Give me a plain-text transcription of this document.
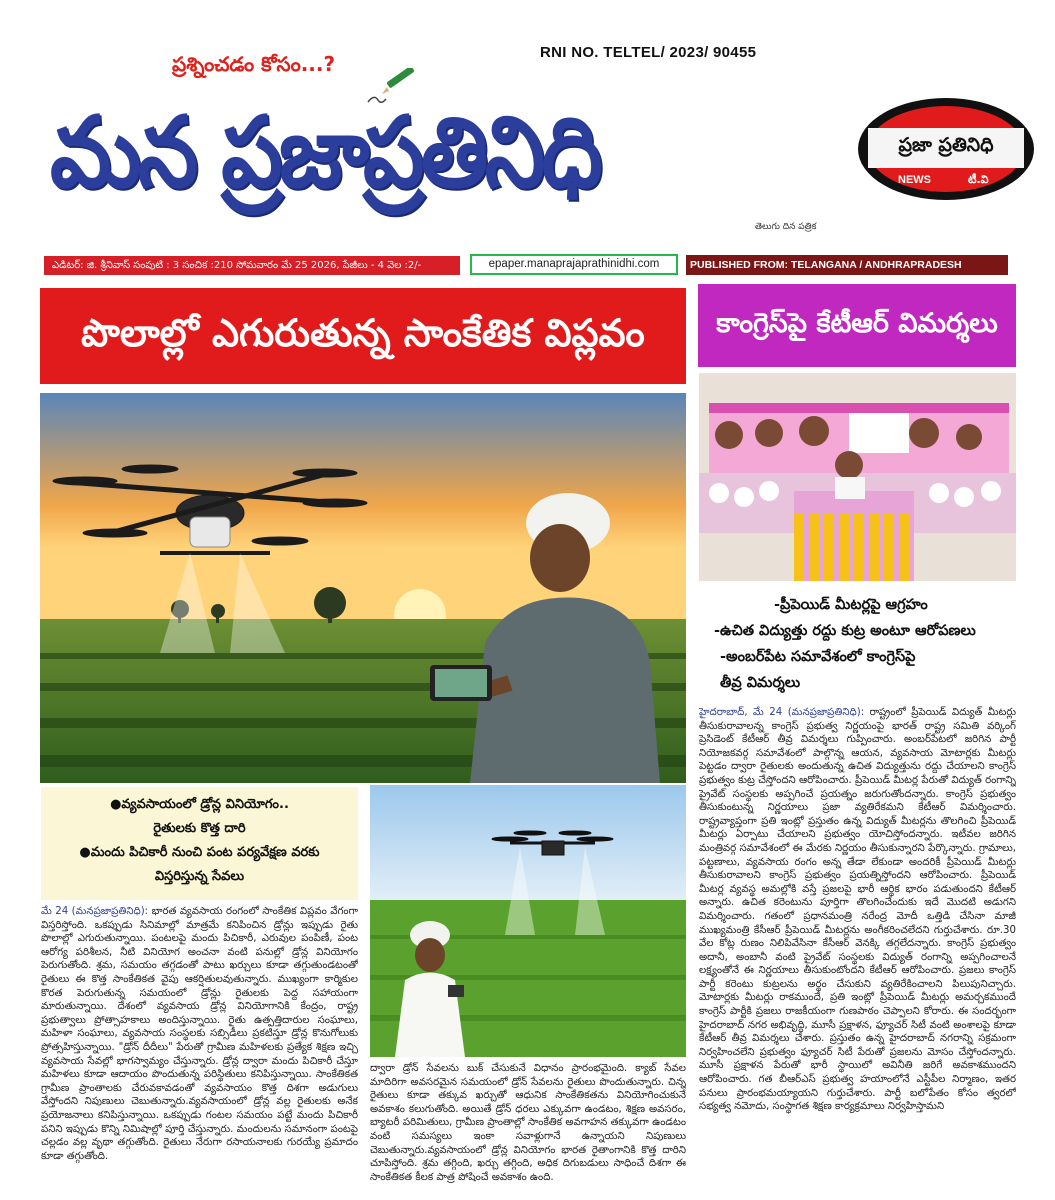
ప్రశ్నించడం కోసం...?	RNI NO. TELTEL/ 2023/ 90455
మన ప్రజాప్రతినిధి
తెలుగు దిన పత్రిక
ప్రజా ప్రతినిధి
NEWS	టీ.వి
ఎడిటర్: జి. శ్రీనివాస్ సంపుటి : 3 సంచిక :210 సోమవారం మే 25 2026, పేజీలు - 4 వెల :2/-	epaper.manaprajaprathinidhi.com	PUBLISHED FROM: TELANGANA / ANDHRAPRADESH
పొలాల్లో ఎగురుతున్న సాంకేతిక విప్లవం	కాంగ్రెస్‌పై కేటీఆర్ విమర్శలు
-ప్రీపెయిడ్ మీటర్లపై ఆగ్రహం
-ఉచిత విద్యుత్తు రద్దు కుట్ర అంటూ ఆరోపణలు
-అంబర్‌పేట సమావేశంలో కాంగ్రెస్‌పై
తీవ్ర విమర్శలు
●వ్యవసాయంలో డ్రోన్ల వినియోగం..
రైతులకు కొత్త దారి
●మందు పిచికారీ నుంచి పంట పర్యవేక్షణ వరకు
విస్తరిస్తున్న సేవలు
మే 24 (మనప్రజాప్రతినిధి): భారత వ్యవసాయ రంగంలో సాంకేతిక విప్లవం వేగంగా విస్తరిస్తోంది. ఒకప్పుడు సినిమాల్లో మాత్రమే కనిపించిన డ్రోన్లు ఇప్పుడు రైతు పొలాల్లో ఎగురుతున్నాయి. పంటలపై మందు పిచికారీ, ఎరువుల పంపిణీ, పంట ఆరోగ్య పరిశీలన, నీటి వినియోగ అంచనా వంటి పనుల్లో డ్రోన్ల వినియోగం పెరుగుతోంది. శ్రమ, సమయం తగ్గడంతో పాటు ఖర్చులు కూడా తగ్గుతుండటంతో రైతులు ఈ కొత్త సాంకేతికత వైపు ఆకర్షితులవుతున్నారు. ముఖ్యంగా కార్మికుల కొరత పెరుగుతున్న సమయంలో డ్రోన్లు రైతులకు పెద్ద సహాయంగా మారుతున్నాయి. దేశంలో వ్యవసాయ డ్రోన్ల వినియోగానికి కేంద్రం, రాష్ట్ర ప్రభుత్వాలు ప్రోత్సాహకాలు అందిస్తున్నాయి. రైతు ఉత్పత్తిదారుల సంఘాలు, మహిళా సంఘాలు, వ్యవసాయ సంస్థలకు సబ్సిడీలు ప్రకటిస్తూ డ్రోన్ల కొనుగోలుకు ప్రోత్సహిస్తున్నాయి. "డ్రోన్ దీదీలు" పేరుతో గ్రామీణ మహిళలకు ప్రత్యేక శిక్షణ ఇచ్చి వ్యవసాయ సేవల్లో భాగస్వామ్యం చేస్తున్నారు. డ్రోన్ల ద్వారా మందు పిచికారీ చేస్తూ మహిళలు కూడా ఆదాయం పొందుతున్న పరిస్థితులు కనిపిస్తున్నాయి. సాంకేతికత గ్రామీణ ప్రాంతాలకు చేరువకావడంతో వ్యవసాయం కొత్త దిశగా అడుగులు వేస్తోందని నిపుణులు చెబుతున్నారు.వ్యవసాయంలో డ్రోన్ల వల్ల రైతులకు అనేక ప్రయోజనాలు కనిపిస్తున్నాయి. ఒకప్పుడు గంటల సమయం పట్టే మందు పిచికారీ పనిని ఇప్పుడు కొన్ని నిమిషాల్లో పూర్తి చేస్తున్నారు. మందులను సమానంగా పంటపై చల్లడం వల్ల వృథా తగ్గుతోంది. రైతులు నేరుగా రసాయనాలకు గురయ్యే ప్రమాదం కూడా తగ్గుతోంది.
ద్వారా డ్రోన్ సేవలను బుక్ చేసుకునే విధానం ప్రారంభమైంది. క్యాబ్ సేవల మాదిరిగా అవసరమైన సమయంలో డ్రోన్ సేవలను రైతులు పొందుతున్నారు. చిన్న రైతులు కూడా తక్కువ ఖర్చుతో ఆధునిక సాంకేతికతను వినియోగించుకునే అవకాశం కలుగుతోంది. అయితే డ్రోన్ ధరలు ఎక్కువగా ఉండటం, శిక్షణ అవసరం, బ్యాటరీ పరిమితులు, గ్రామీణ ప్రాంతాల్లో సాంకేతిక అవగాహన తక్కువగా ఉండటం వంటి సమస్యలు ఇంకా సవాళ్లుగానే ఉన్నాయని నిపుణులు చెబుతున్నారు.వ్యవసాయంలో డ్రోన్ల వినియోగం భారత రైతాంగానికి కొత్త దారిని చూపిస్తోంది. శ్రమ తగ్గింది, ఖర్చు తగ్గింది, అధిక దిగుబడులు సాధించే దిశగా ఈ సాంకేతికత కీలక పాత్ర పోషించే అవకాశం ఉంది.
హైదరాబాద్, మే 24 (మనప్రజాప్రతినిధి): రాష్ట్రంలో ప్రీపెయిడ్ విద్యుత్ మీటర్లు తీసుకురావాలన్న కాంగ్రెస్ ప్రభుత్వ నిర్ణయంపై భారత్ రాష్ట్ర సమితి వర్కింగ్ ప్రెసిడెంట్ కేటీఆర్ తీవ్ర విమర్శలు గుప్పించారు. అంబర్‌పేటలో జరిగిన పార్టీ నియోజకవర్గ సమావేశంలో పాల్గొన్న ఆయన, వ్యవసాయ మోటార్లకు మీటర్లు పెట్టడం ద్వారా రైతులకు అందుతున్న ఉచిత విద్యుత్తును రద్దు చేయాలని కాంగ్రెస్ ప్రభుత్వం కుట్ర చేస్తోందని ఆరోపించారు. ప్రీపెయిడ్ మీటర్ల పేరుతో విద్యుత్ రంగాన్ని ప్రైవేట్ సంస్థలకు అప్పగించే ప్రయత్నం జరుగుతోందన్నారు. కాంగ్రెస్ ప్రభుత్వం తీసుకుంటున్న నిర్ణయాలు ప్రజా వ్యతిరేకమని కేటీఆర్ విమర్శించారు. రాష్ట్రవ్యాప్తంగా ప్రతి ఇంట్లో ప్రస్తుతం ఉన్న విద్యుత్ మీటర్లను తొలగించి ప్రీపెయిడ్ మీటర్లు ఏర్పాటు చేయాలని ప్రభుత్వం యోచిస్తోందన్నారు. ఇటీవల జరిగిన మంత్రివర్గ సమావేశంలో ఈ మేరకు నిర్ణయం తీసుకున్నారని పేర్కొన్నారు. గ్రామాలు, పట్టణాలు, వ్యవసాయ రంగం అన్న తేడా లేకుండా అందరికీ ప్రీపెయిడ్ మీటర్లు తీసుకురావాలని కాంగ్రెస్ ప్రభుత్వం ప్రయత్నిస్తోందని ఆరోపించారు. ప్రీపెయిడ్ మీటర్ల వ్యవస్థ అమల్లోకి వస్తే ప్రజలపై భారీ ఆర్థిక భారం పడుతుందని కేటీఆర్ అన్నారు. ఉచిత కరెంటును పూర్తిగా తొలగించేందుకు ఇదే మొదటి అడుగని విమర్శించారు. గతంలో ప్రధానమంత్రి నరేంద్ర మోదీ ఒత్తిడి చేసినా మాజీ ముఖ్యమంత్రి కేసీఆర్ ప్రీపెయిడ్ మీటర్లను అంగీకరించలేదని గుర్తుచేశారు. రూ.30 వేల కోట్ల రుణం నిలిపివేసినా కేసీఆర్ వెనక్కి తగ్గలేదన్నారు. కాంగ్రెస్ ప్రభుత్వం అదానీ, అంబానీ వంటి ప్రైవేట్ సంస్థలకు విద్యుత్ రంగాన్ని అప్పగించాలనే లక్ష్యంతోనే ఈ నిర్ణయాలు తీసుకుంటోందని కేటీఆర్ ఆరోపించారు. ప్రజలు కాంగ్రెస్ పార్టీ కరెంటు కుట్రలను అర్థం చేసుకుని వ్యతిరేకించాలని పిలుపునిచ్చారు. మోటార్లకు మీటర్లు రాకముందే, ప్రతి ఇంట్లో ప్రీపెయిడ్ మీటర్లు అమర్చకముందే కాంగ్రెస్ పార్టీకి ప్రజలు రాజకీయంగా గుణపాఠం చెప్పాలని కోరారు. ఈ సందర్భంగా హైదరాబాద్ నగర అభివృద్ధి, మూసీ ప్రక్షాళన, ఫ్యూచర్ సిటీ వంటి అంశాలపై కూడా కేటీఆర్ తీవ్ర విమర్శలు చేశారు. ప్రస్తుతం ఉన్న హైదరాబాద్ నగరాన్ని సక్రమంగా నిర్వహించలేని ప్రభుత్వం ఫ్యూచర్ సిటీ పేరుతో ప్రజలను మోసం చేస్తోందన్నారు. మూసీ ప్రక్షాళన పేరుతో భారీ స్థాయిలో అవినీతి జరిగే అవకాశముందని ఆరోపించారు. గత బీఆర్ఎస్ ప్రభుత్వ హయాంలోనే ఎస్టీపీల నిర్మాణం, ఇతర పనులు ప్రారంభమయ్యాయని గుర్తుచేశారు. పార్టీ బలోపేతం కోసం త్వరలో సభ్యత్వ నమోదు, సంస్థాగత శిక్షణ కార్యక్రమాలు నిర్వహిస్తామని
